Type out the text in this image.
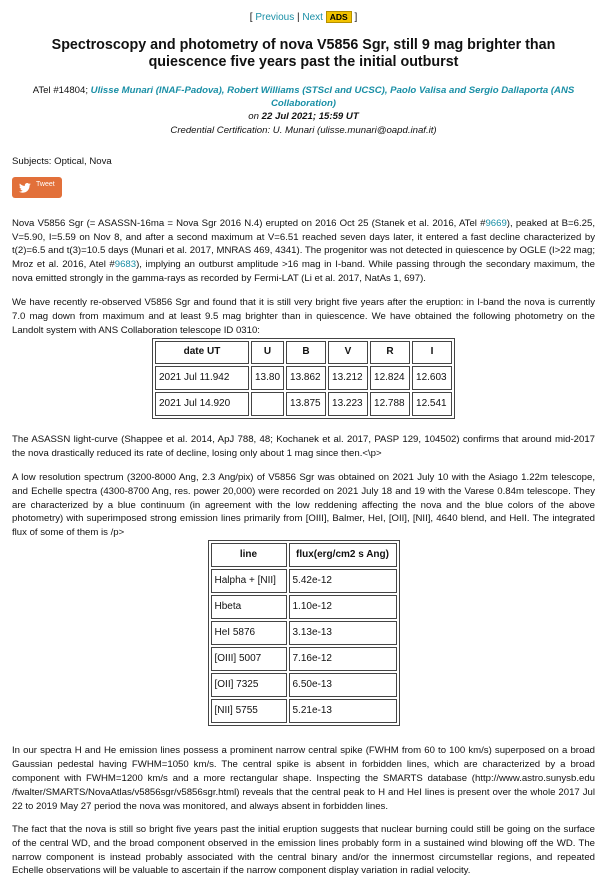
[ Previous | Next ADS ]
Spectroscopy and photometry of nova V5856 Sgr, still 9 mag brighter than quiescence five years past the initial outburst
ATel #14804; Ulisse Munari (INAF-Padova), Robert Williams (STScI and UCSC), Paolo Valisa and Sergio Dallaporta (ANS Collaboration)
on 22 Jul 2021; 15:59 UT
Credential Certification: U. Munari (ulisse.munari@oapd.inaf.it)
Subjects: Optical, Nova
Tweet

Nova V5856 Sgr (= ASASSN-16ma = Nova Sgr 2016 N.4) erupted on 2016 Oct 25 (Stanek et al. 2016, ATel #9669), peaked at B=6.25, V=5.90, I=5.59 on Nov 8, and after a second maximum at V=6.51 reached seven days later, it entered a fast decline characterized by t(2)=6.5 and t(3)=10.5 days (Munari et al. 2017, MNRAS 469, 4341). The progenitor was not detected in quiescence by OGLE (I>22 mag; Mroz et al. 2016, Atel #9683), implying an outburst amplitude >16 mag in I-band. While passing through the secondary maximum, the nova emitted strongly in the gamma-rays as recorded by Fermi-LAT (Li et al. 2017, NatAs 1, 697).

We have recently re-observed V5856 Sgr and found that it is still very bright five years after the eruption: in I-band the nova is currently 7.0 mag down from maximum and at least 9.5 mag brighter than in quiescence. We have obtained the following photometry on the Landolt system with ANS Collaboration telescope ID 0310:

date UT	U	B	V	R	I
2021 Jul 11.942	13.80	13.862	13.212	12.824	12.603
2021 Jul 14.920		13.875	13.223	12.788	12.541

The ASASSN light-curve (Shappee et al. 2014, ApJ 788, 48; Kochanek et al. 2017, PASP 129, 104502) confirms that around mid-2017 the nova drastically reduced its rate of decline, losing only about 1 mag since then.<\p>

A low resolution spectrum (3200-8000 Ang, 2.3 Ang/pix) of V5856 Sgr was obtained on 2021 July 10 with the Asiago 1.22m telescope, and Echelle spectra (4300-8700 Ang, res. power 20,000) were recorded on 2021 July 18 and 19 with the Varese 0.84m telescope. They are characterized by a blue continuum (in agreement with the low reddening affecting the nova and the blue colors of the above photometry) with superimposed strong emission lines primarily from [OIII], Balmer, HeI, [OII], [NII], 4640 blend, and HeII. The integrated flux of some of them is /p>

line	flux(erg/cm2 s Ang)
Halpha + [NII]	5.42e-12
Hbeta	1.10e-12
HeI 5876	3.13e-13
[OIII] 5007	7.16e-12
[OII] 7325	6.50e-13
[NII] 5755	5.21e-13

In our spectra H and He emission lines possess a prominent narrow central spike (FWHM from 60 to 100 km/s) superposed on a broad Gaussian pedestal having FWHM=1050 km/s. The central spike is absent in forbidden lines, which are characterized by a broad component with FWHM=1200 km/s and a more rectangular shape. Inspecting the SMARTS database (http://www.astro.sunysb.edu /fwalter/SMARTS/NovaAtlas/v5856sgr/v5856sgr.html) reveals that the central peak to H and HeI lines is present over the whole 2017 Jul 22 to 2019 May 27 period the nova was monitored, and always absent in forbidden lines.

The fact that the nova is still so bright five years past the initial eruption suggests that nuclear burning could still be going on the surface of the central WD, and the broad component observed in the emission lines probably form in a sustained wind blowing off the WD. The narrow component is instead probably associated with the central binary and/or the innermost circumstellar regions, and repeated Echelle observations will be valuable to ascertain if the narrow component display variation in radial velocity.
